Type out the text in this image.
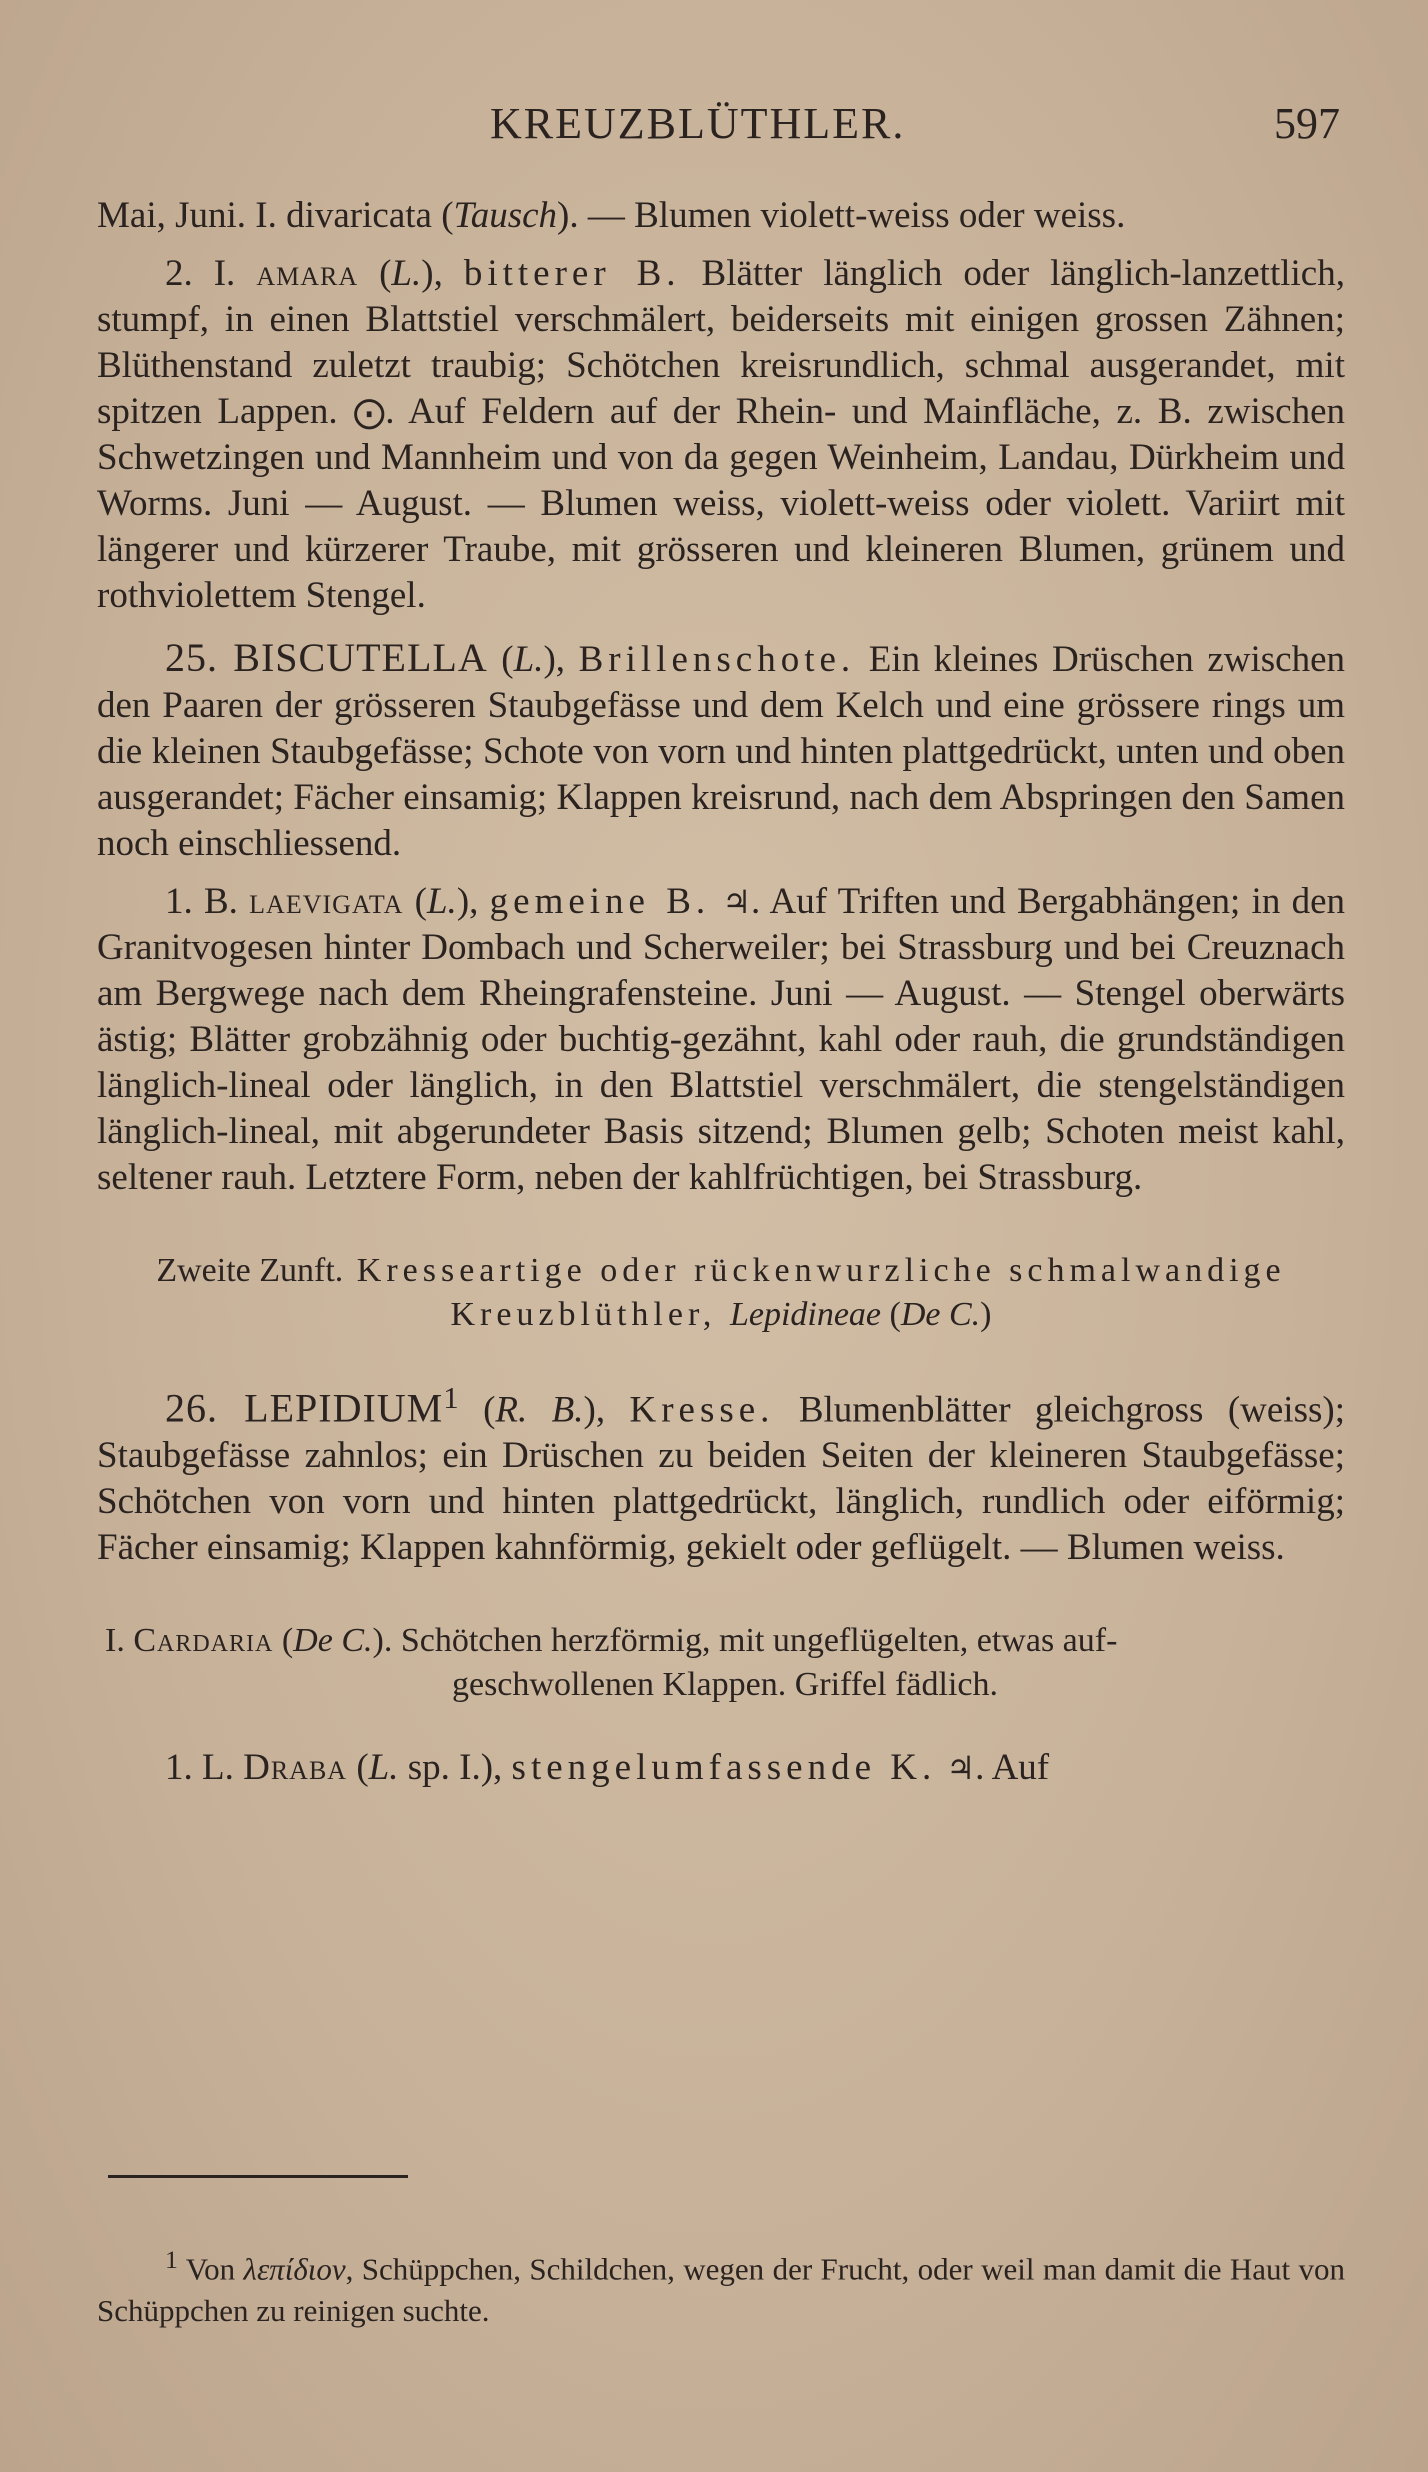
KREUZBLÜTHLER.	597

Mai, Juni. I. divaricata (Tausch). — Blumen violett-weiss oder weiss.

2. I. amara (L.), bitterer B. Blätter länglich oder länglich-lanzettlich, stumpf, in einen Blattstiel verschmälert, beiderseits mit einigen grossen Zähnen; Blüthenstand zuletzt traubig; Schötchen kreisrundlich, schmal ausgerandet, mit spitzen Lappen. ⨀. Auf Feldern auf der Rhein- und Mainfläche, z. B. zwischen Schwetzingen und Mannheim und von da gegen Weinheim, Landau, Dürkheim und Worms. Juni — August. — Blumen weiss, violett-weiss oder violett. Variirt mit längerer und kürzerer Traube, mit grösseren und kleineren Blumen, grünem und rothviolettem Stengel.

25. BISCUTELLA (L.), Brillenschote. Ein kleines Drüschen zwischen den Paaren der grösseren Staubgefässe und dem Kelch und eine grössere rings um die kleinen Staubgefässe; Schote von vorn und hinten plattgedrückt, unten und oben ausgerandet; Fächer einsamig; Klappen kreisrund, nach dem Abspringen den Samen noch einschliessend.

1. B. laevigata (L.), gemeine B. ♃. Auf Triften und Bergabhängen; in den Granitvogesen hinter Dombach und Scherweiler; bei Strassburg und bei Creuznach am Bergwege nach dem Rheingrafensteine. Juni — August. — Stengel oberwärts ästig; Blätter grobzähnig oder buchtig-gezähnt, kahl oder rauh, die grundständigen länglich-lineal oder länglich, in den Blattstiel verschmälert, die stengelständigen länglich-lineal, mit abgerundeter Basis sitzend; Blumen gelb; Schoten meist kahl, seltener rauh. Letztere Form, neben der kahlfrüchtigen, bei Strassburg.

Zweite Zunft. Kresseartige oder rückenwurzliche schmalwandige Kreuzblüthler, Lepidineae (De C.)

26. LEPIDIUM$^1$ (R. B.), Kresse. Blumenblätter gleichgross (weiss); Staubgefässe zahnlos; ein Drüschen zu beiden Seiten der kleineren Staubgefässe; Schötchen von vorn und hinten plattgedrückt, länglich, rundlich oder eiförmig; Fächer einsamig; Klappen kahnförmig, gekielt oder geflügelt. — Blumen weiss.

I. Cardaria (De C.). Schötchen herzförmig, mit ungeflügelten, etwas auf-
geschwollenen Klappen. Griffel fädlich.

1. L. Draba (L. sp. I.), stengelumfassende K. ♃. Auf

$^1$ Von λεπίδιον, Schüppchen, Schildchen, wegen der Frucht, oder weil man damit die Haut von Schüppchen zu reinigen suchte.
